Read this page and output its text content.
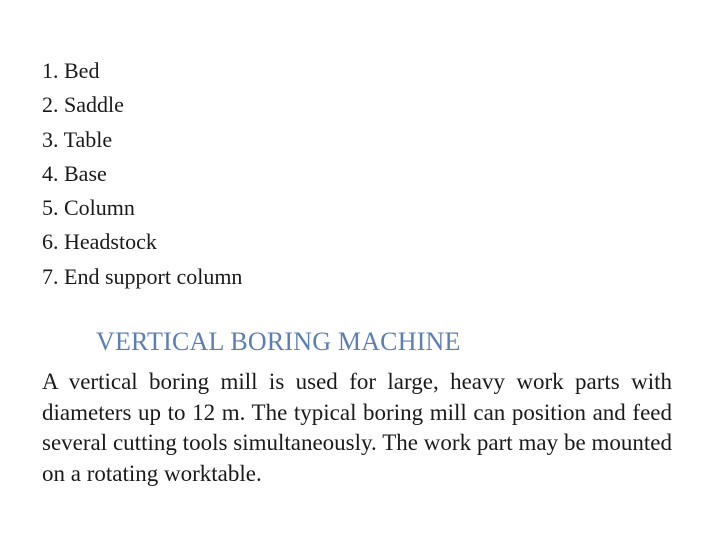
1. Bed
2. Saddle
3. Table
4. Base
5. Column
6. Headstock
7. End support column
VERTICAL BORING MACHINE

A vertical boring mill is used for large, heavy work parts with diameters up to 12 m. The typical boring mill can position and feed several cutting tools simultaneously. The work part may be mounted on a rotating worktable.
